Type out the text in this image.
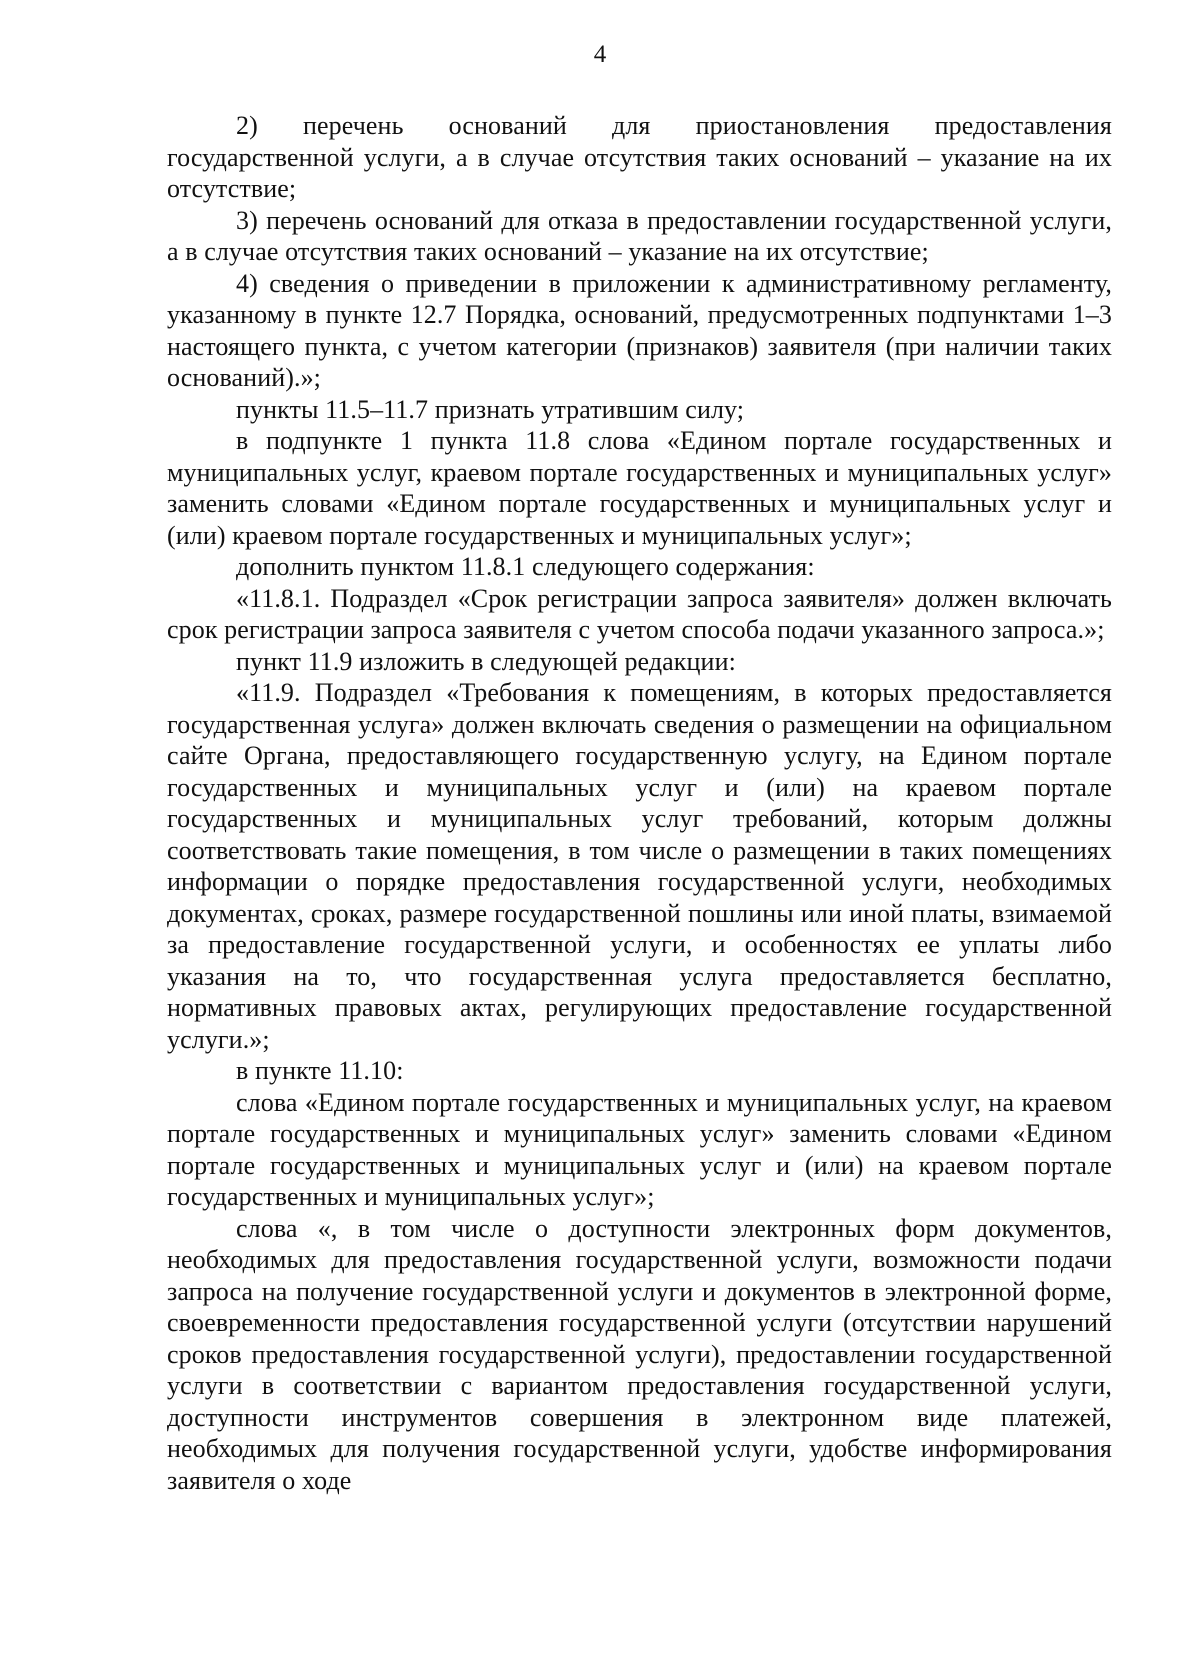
4

2) перечень оснований для приостановления предоставления государственной услуги, а в случае отсутствия таких оснований – указание на их отсутствие;

3) перечень оснований для отказа в предоставлении государственной услуги, а в случае отсутствия таких оснований – указание на их отсутствие;

4) сведения о приведении в приложении к административному регламенту, указанному в пункте 12.7 Порядка, оснований, предусмотренных подпунктами 1–3 настоящего пункта, с учетом категории (признаков) заявителя (при наличии таких оснований).»;

пункты 11.5–11.7 признать утратившим силу;

в подпункте 1 пункта 11.8 слова «Едином портале государственных и муниципальных услуг, краевом портале государственных и муниципальных услуг» заменить словами «Едином портале государственных и муниципальных услуг и (или) краевом портале государственных и муниципальных услуг»;

дополнить пунктом 11.8.1 следующего содержания:

«11.8.1. Подраздел «Срок регистрации запроса заявителя» должен включать срок регистрации запроса заявителя с учетом способа подачи указанного запроса.»;

пункт 11.9 изложить в следующей редакции:

«11.9. Подраздел «Требования к помещениям, в которых предоставляется государственная услуга» должен включать сведения о размещении на официальном сайте Органа, предоставляющего государственную услугу, на Едином портале государственных и муниципальных услуг и (или) на краевом портале государственных и муниципальных услуг требований, которым должны соответствовать такие помещения, в том числе о размещении в таких помещениях информации о порядке предоставления государственной услуги, необходимых документах, сроках, размере государственной пошлины или иной платы, взимаемой за предоставление государственной услуги, и особенностях ее уплаты либо указания на то, что государственная услуга предоставляется бесплатно, нормативных правовых актах, регулирующих предоставление государственной услуги.»;

в пункте 11.10:

слова «Едином портале государственных и муниципальных услуг, на краевом портале государственных и муниципальных услуг» заменить словами «Едином портале государственных и муниципальных услуг и (или) на краевом портале государственных и муниципальных услуг»;

слова «, в том числе о доступности электронных форм документов, необходимых для предоставления государственной услуги, возможности подачи запроса на получение государственной услуги и документов в электронной форме, своевременности предоставления государственной услуги (отсутствии нарушений сроков предоставления государственной услуги), предоставлении государственной услуги в соответствии с вариантом предоставления государственной услуги, доступности инструментов совершения в электронном виде платежей, необходимых для получения государственной услуги, удобстве информирования заявителя о ходе
